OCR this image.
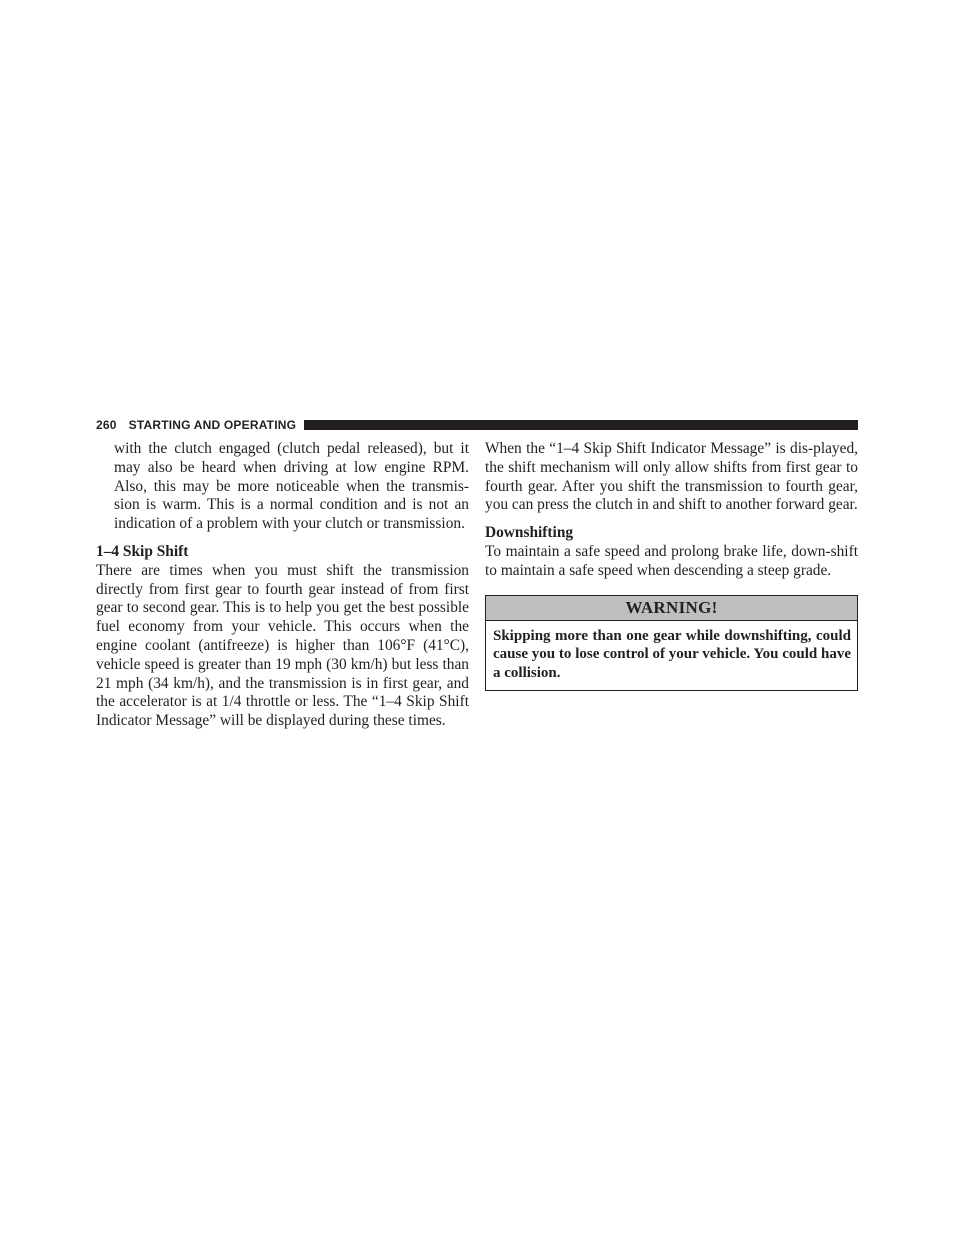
260 STARTING AND OPERATING

with the clutch engaged (clutch pedal released), but it may also be heard when driving at low engine RPM. Also, this may be more noticeable when the transmis-sion is warm. This is a normal condition and is not an indication of a problem with your clutch or transmission.

1–4 Skip Shift

There are times when you must shift the transmission directly from first gear to fourth gear instead of from first gear to second gear. This is to help you get the best possible fuel economy from your vehicle. This occurs when the engine coolant (antifreeze) is higher than 106°F (41°C), vehicle speed is greater than 19 mph (30 km/h) but less than 21 mph (34 km/h), and the transmission is in first gear, and the accelerator is at 1/4 throttle or less. The “1–4 Skip Shift Indicator Message” will be displayed during these times.

When the “1–4 Skip Shift Indicator Message” is dis-played, the shift mechanism will only allow shifts from first gear to fourth gear. After you shift the transmission to fourth gear, you can press the clutch in and shift to another forward gear.

Downshifting

To maintain a safe speed and prolong brake life, down-shift to maintain a safe speed when descending a steep grade.

WARNING!
Skipping more than one gear while downshifting, could cause you to lose control of your vehicle. You could have a collision.
